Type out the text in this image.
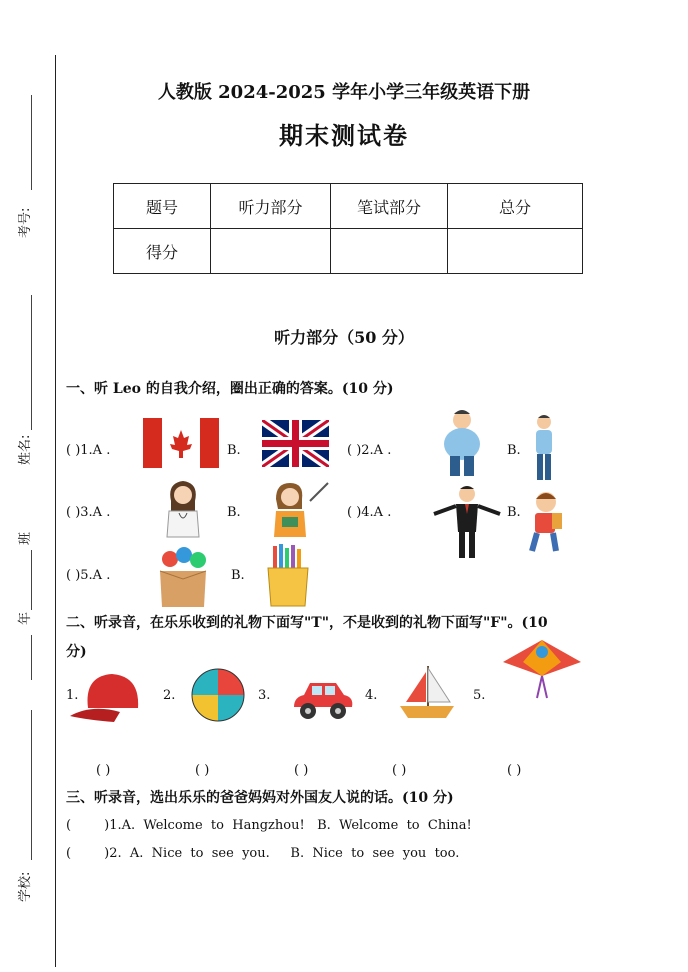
考号:
姓名:
班
年
学校:
人教版 2024-2025 学年小学三年级英语下册
期末测试卷
题号	听力部分	笔试部分	总分
得分			
听力部分（50 分）
一、听 Leo 的自我介绍，圈出正确的答案。(10 分)
( )1.A .	B.	( )2.A .	B.
( )3.A .	B.	( )4.A .	B.
( )5.A .	B.
二、听录音，在乐乐收到的礼物下面写"T"，不是收到的礼物下面写"F"。(10
分)
1.	2.	3.	4.	5.
( )	( )	( )	( )	( )
三、听录音，选出乐乐的爸爸妈妈对外国友人说的话。(10 分)
(        )1.A.  Welcome  to  Hangzhou!   B.  Welcome  to  China!
(        )2.  A.  Nice  to  see  you.     B.  Nice  to  see  you  too.
